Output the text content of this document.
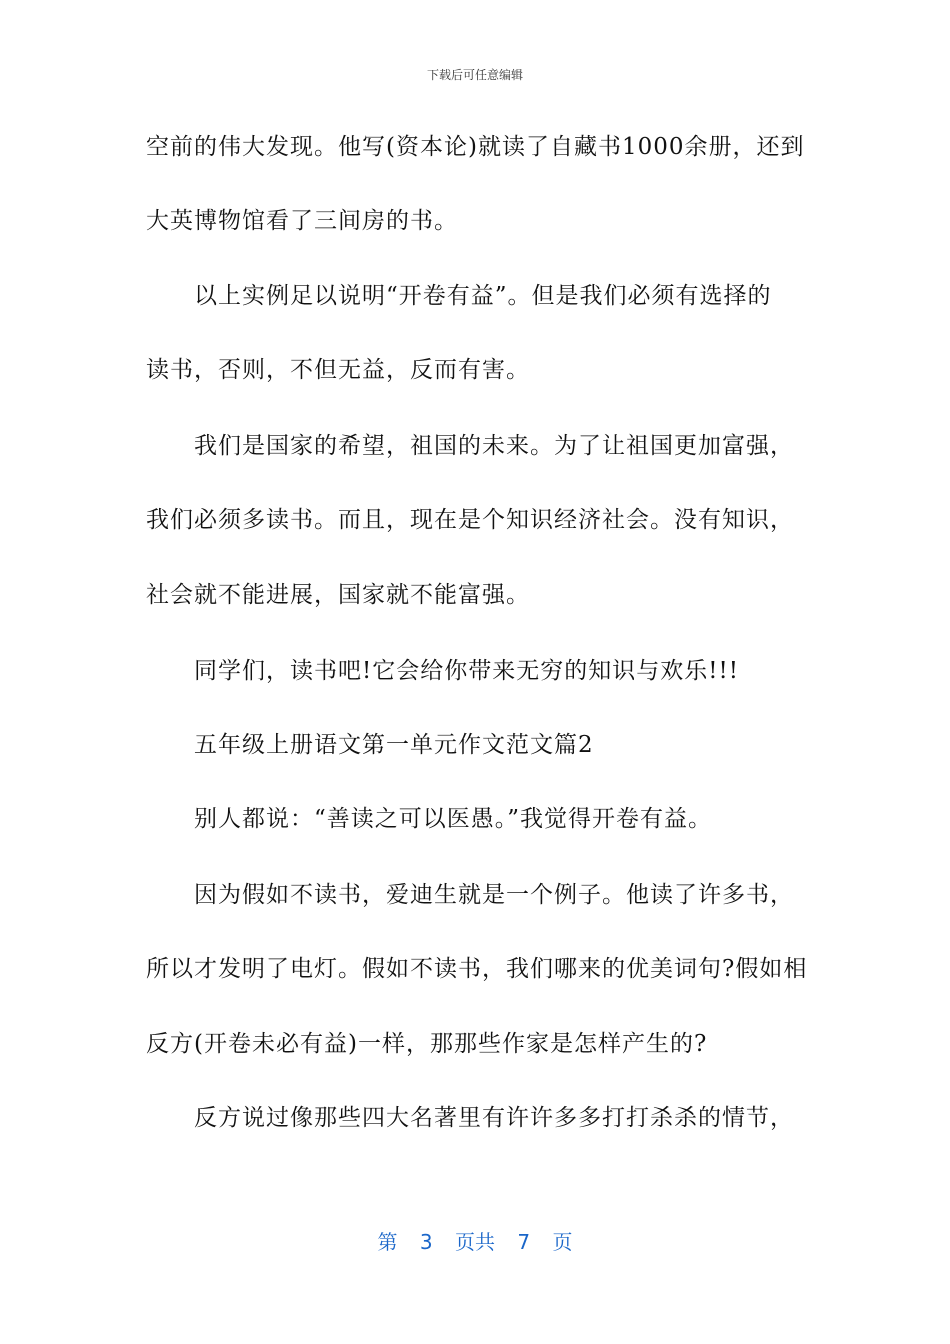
下载后可任意编辑
空前的伟大发现。他写(资本论)就读了自藏书1000余册，还到
大英博物馆看了三间房的书。
以上实例足以说明“开卷有益”。但是我们必须有选择的
读书，否则，不但无益，反而有害。
我们是国家的希望，祖国的未来。为了让祖国更加富强，
我们必须多读书。而且，现在是个知识经济社会。没有知识，
社会就不能进展，国家就不能富强。
同学们，读书吧!它会给你带来无穷的知识与欢乐!!!
五年级上册语文第一单元作文范文篇2
别人都说：“善读之可以医愚。”我觉得开卷有益。
因为假如不读书，爱迪生就是一个例子。他读了许多书，
所以才发明了电灯。假如不读书，我们哪来的优美词句?假如相
反方(开卷未必有益)一样，那那些作家是怎样产生的?
反方说过像那些四大名著里有许许多多打打杀杀的情节，
第 3 页共 7 页
